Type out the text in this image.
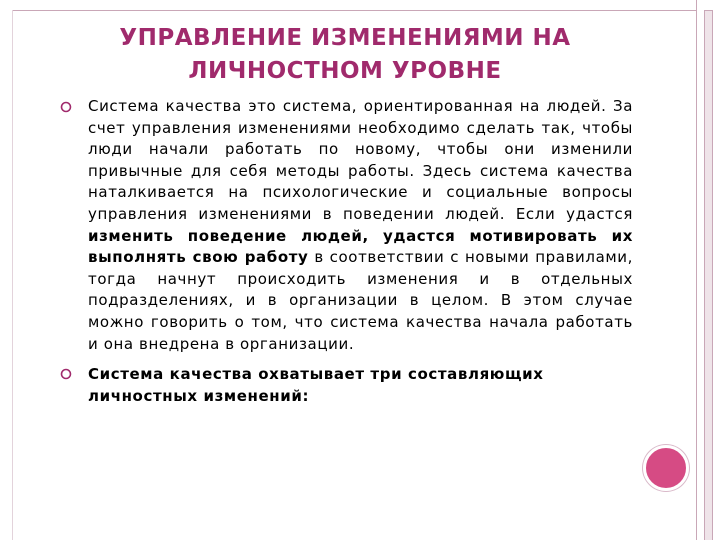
УПРАВЛЕНИЕ ИЗМЕНЕНИЯМИ НА
ЛИЧНОСТНОМ УРОВНЕ
Система качества это система, ориентированная на людей. За счет управления изменениями необходимо сделать так, чтобы люди начали работать по новому, чтобы они изменили привычные для себя методы работы. Здесь система качества наталкивается на психологические и социальные вопросы управления изменениями в поведении людей. Если удастся изменить поведение людей, удастся мотивировать их выполнять свою работу в соответствии с новыми правилами, тогда начнут происходить изменения и в отдельных подразделениях, и в организации в целом. В этом случае можно говорить о том, что система качества начала работать и она внедрена в организации.
Система качества охватывает три составляющих личностных изменений:
